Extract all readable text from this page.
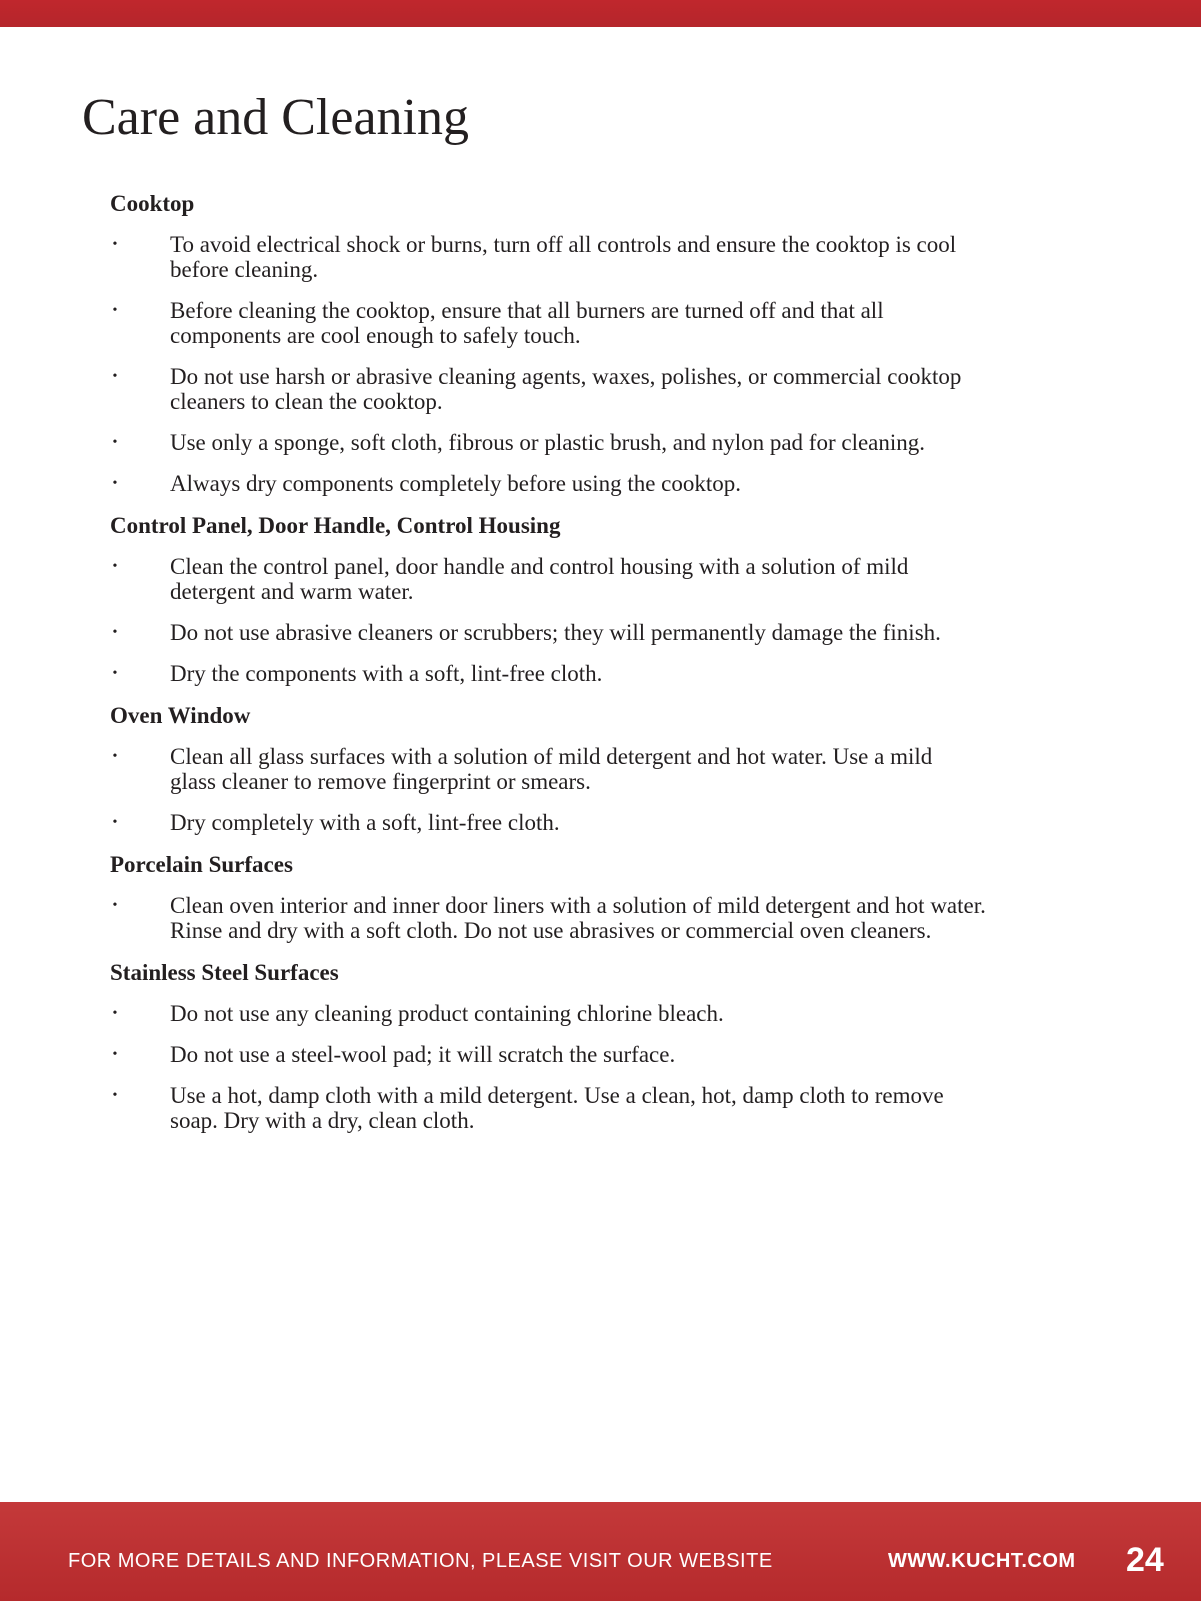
Care and Cleaning
Cooktop
• To avoid electrical shock or burns, turn off all controls and ensure the cooktop is cool
before cleaning.
• Before cleaning the cooktop, ensure that all burners are turned off and that all
components are cool enough to safely touch.
• Do not use harsh or abrasive cleaning agents, waxes, polishes, or commercial cooktop
cleaners to clean the cooktop.
• Use only a sponge, soft cloth, fibrous or plastic brush, and nylon pad for cleaning.
• Always dry components completely before using the cooktop.
Control Panel, Door Handle, Control Housing
• Clean the control panel, door handle and control housing with a solution of mild
detergent and warm water.
• Do not use abrasive cleaners or scrubbers; they will permanently damage the finish.
• Dry the components with a soft, lint-free cloth.
Oven Window
• Clean all glass surfaces with a solution of mild detergent and hot water. Use a mild
glass cleaner to remove fingerprint or smears.
• Dry completely with a soft, lint-free cloth.
Porcelain Surfaces
• Clean oven interior and inner door liners with a solution of mild detergent and hot water.
Rinse and dry with a soft cloth. Do not use abrasives or commercial oven cleaners.
Stainless Steel Surfaces
• Do not use any cleaning product containing chlorine bleach.
• Do not use a steel-wool pad; it will scratch the surface.
• Use a hot, damp cloth with a mild detergent. Use a clean, hot, damp cloth to remove
soap. Dry with a dry, clean cloth.
FOR MORE DETAILS AND INFORMATION, PLEASE VISIT OUR WEBSITE	WWW.KUCHT.COM 24
